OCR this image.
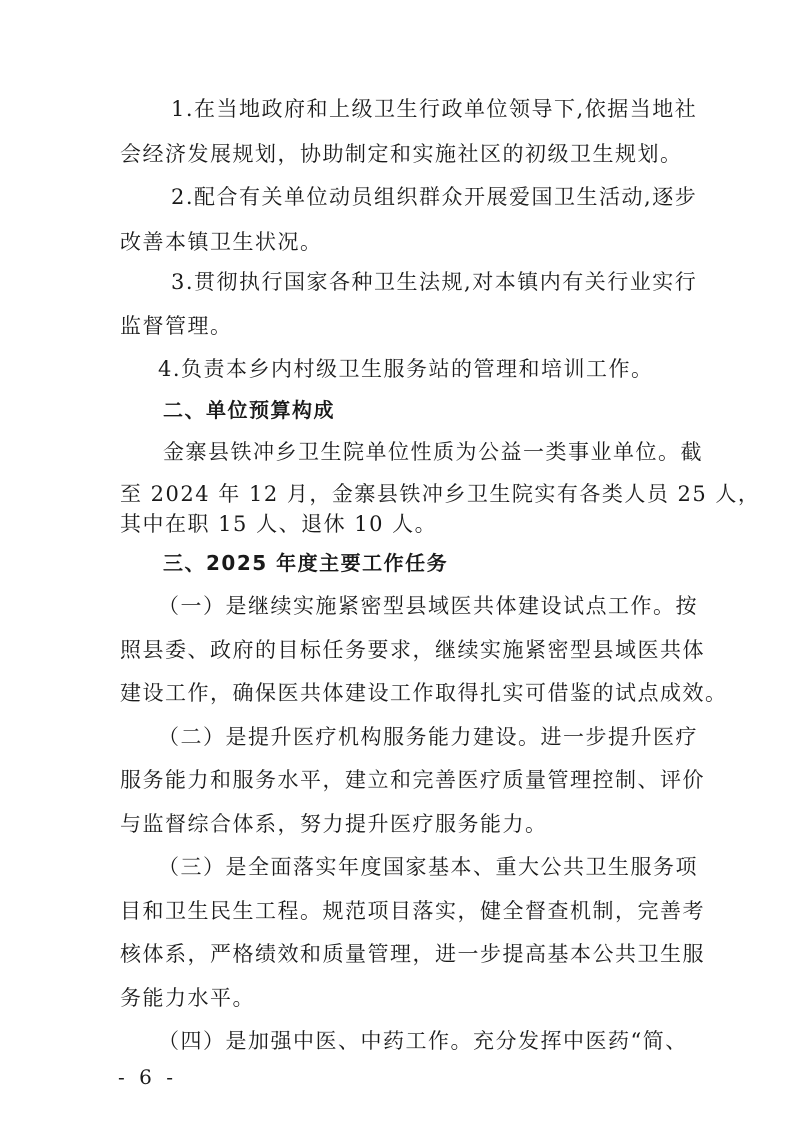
1.在当地政府和上级卫生行政单位领导下,依据当地社
会经济发展规划，协助制定和实施社区的初级卫生规划。
2.配合有关单位动员组织群众开展爱国卫生活动,逐步
改善本镇卫生状况。
3.贯彻执行国家各种卫生法规,对本镇内有关行业实行
监督管理。
4.负责本乡内村级卫生服务站的管理和培训工作。
二、单位预算构成
金寨县铁冲乡卫生院单位性质为公益一类事业单位。截
至 2024 年 12 月，金寨县铁冲乡卫生院实有各类人员 25 人，
其中在职 15 人、退休 10 人。
三、2025 年度主要工作任务
（一）是继续实施紧密型县域医共体建设试点工作。按
照县委、政府的目标任务要求，继续实施紧密型县域医共体
建设工作，确保医共体建设工作取得扎实可借鉴的试点成效。
（二）是提升医疗机构服务能力建设。进一步提升医疗
服务能力和服务水平，建立和完善医疗质量管理控制、评价
与监督综合体系，努力提升医疗服务能力。
（三）是全面落实年度国家基本、重大公共卫生服务项
目和卫生民生工程。规范项目落实，健全督查机制，完善考
核体系，严格绩效和质量管理，进一步提高基本公共卫生服
务能力水平。
（四）是加强中医、中药工作。充分发挥中医药“简、
- 6 -
